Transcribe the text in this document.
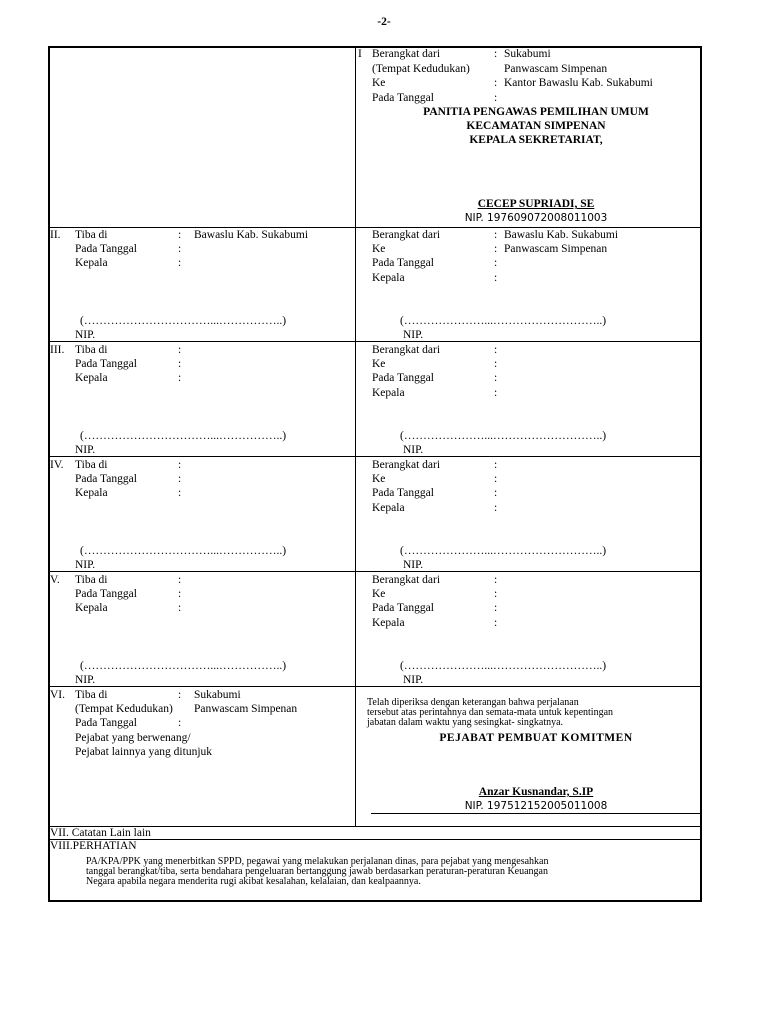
-2-
I Berangkat dari	: Sukabumi
(Tempat Kedudukan)	Panwascam Simpenan
Ke	: Kantor Bawaslu Kab. Sukabumi
Pada Tanggal	:
PANITIA PENGAWAS PEMILIHAN UMUM
KECAMATAN SIMPENAN
KEPALA SEKRETARIAT,
CECEP SUPRIADI, SE
NIP. 197609072008011003
II. Tiba di	: Bawaslu Kab. Sukabumi
Pada Tanggal	:
Kepala	:
(……………………………...……………..)
NIP.
Berangkat dari	: Bawaslu Kab. Sukabumi
Ke	: Panwascam Simpenan
Pada Tanggal	:
Kepala	:
(…………………...………………………..)
NIP.
III. Tiba di	:
Pada Tanggal	:
Kepala	:
(……………………………...……………..)
NIP.
Berangkat dari	:
Ke	:
Pada Tanggal	:
Kepala	:
(…………………...………………………..)
NIP.
IV. Tiba di	:
Pada Tanggal	:
Kepala	:
(……………………………...……………..)
NIP.
Berangkat dari	:
Ke	:
Pada Tanggal	:
Kepala	:
(…………………...………………………..)
NIP.
V. Tiba di	:
Pada Tanggal	:
Kepala	:
(……………………………...……………..)
NIP.
Berangkat dari	:
Ke	:
Pada Tanggal	:
Kepala	:
(…………………...………………………..)
NIP.
VI. Tiba di	: Sukabumi
(Tempat Kedudukan) Panwascam Simpenan
Pada Tanggal	:
Pejabat yang berwenang/
Pejabat lainnya yang ditunjuk
Telah diperiksa dengan keterangan bahwa perjalanan
tersebut atas perintahnya dan semata-mata untuk kepentingan
jabatan dalam waktu yang sesingkat- singkatnya.
PEJABAT PEMBUAT KOMITMEN
Anzar Kusnandar, S.IP
NIP. 197512152005011008
VII. Catatan Lain lain
VIII.PERHATIAN
PA/KPA/PPK yang menerbitkan SPPD, pegawai yang melakukan perjalanan dinas, para pejabat yang mengesahkan
tanggal berangkat/tiba, serta bendahara pengeluaran bertanggung jawab berdasarkan peraturan-peraturan Keuangan
Negara apabila negara menderita rugi akibat kesalahan, kelalaian, dan kealpaannya.
